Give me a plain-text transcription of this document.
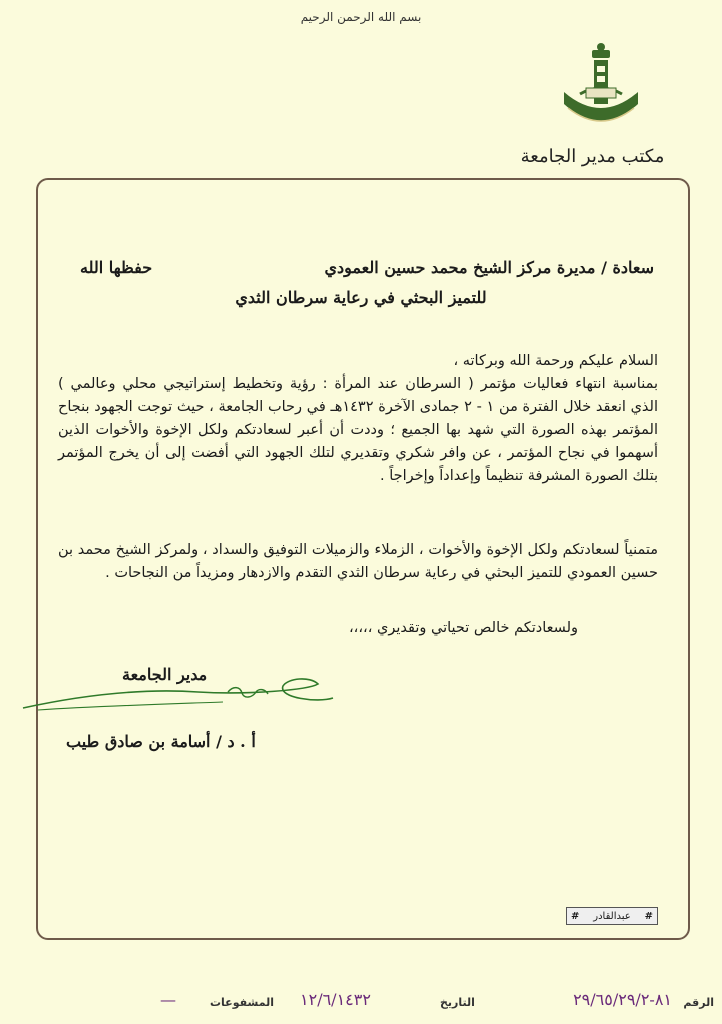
بسم الله الرحمن الرحيم
مكتب مدير الجامعة
سعادة / مديرة مركز الشيخ محمد حسين العمودي
حفظها الله
للتميز البحثي في رعاية سرطان الثدي
السلام عليكم ورحمة الله وبركاته ،
بمناسبة انتهاء فعاليات مؤتمر ( السرطان عند المرأة : رؤية وتخطيط إستراتيجي محلي وعالمي ) الذي انعقد خلال الفترة من ١ - ٢ جمادى الآخرة ١٤٣٢هـ في رحاب الجامعة ، حيث توجت الجهود بنجاح المؤتمر بهذه الصورة التي شهد بها الجميع ؛ وددت أن أعبر لسعادتكم ولكل الإخوة والأخوات الذين أسهموا في نجاح المؤتمر ، عن وافر شكري وتقديري لتلك الجهود التي أفضت إلى أن يخرج المؤتمر بتلك الصورة المشرفة تنظيماً وإعداداً وإخراجاً .
متمنياً لسعادتكم ولكل الإخوة والأخوات ، الزملاء والزميلات التوفيق والسداد ، ولمركز الشيخ محمد بن حسين العمودي للتميز البحثي في رعاية سرطان الثدي التقدم والازدهار ومزيداً من النجاحات .
ولسعادتكم خالص تحياتي وتقديري ،،،،،
مدير الجامعة
أ . د / أسامة بن صادق طيب
# عبدالقادر #
الرقم
٨١-٢٩/٦٥/٢٩/٢
التاريخ
١٢/٦/١٤٣٢
المشفوعات
—
